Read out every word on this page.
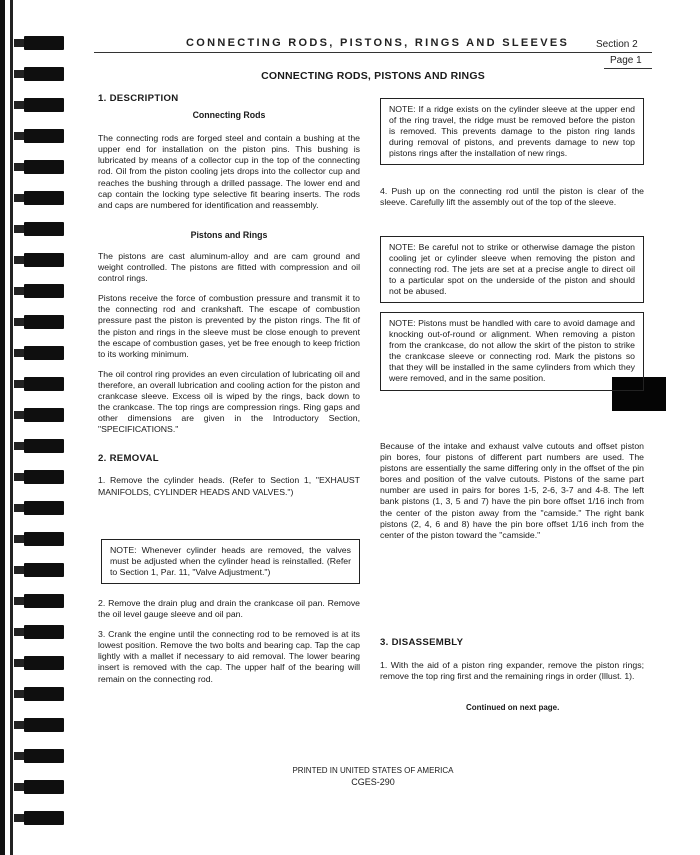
CONNECTING RODS, PISTONS, RINGS AND SLEEVES	Section 2
Page 1
CONNECTING RODS, PISTONS AND RINGS

1. DESCRIPTION

Connecting Rods

The connecting rods are forged steel and contain a bushing at the upper end for installation on the piston pins. This bushing is lubricated by means of a collector cup in the top of the connecting rod. Oil from the piston cooling jets drops into the collector cup and reaches the bushing through a drilled passage. The lower end and cap contain the locking type selective fit bearing inserts. The rods and caps are numbered for identification and reassembly.

Pistons and Rings

The pistons are cast aluminum-alloy and are cam ground and weight controlled. The pistons are fitted with compression and oil control rings.

Pistons receive the force of combustion pressure and transmit it to the connecting rod and crankshaft. The escape of combustion pressure past the piston is prevented by the piston rings. The fit of the piston and rings in the sleeve must be close enough to prevent the escape of combustion gases, yet be free enough to keep friction to its working minimum.

The oil control ring provides an even circulation of lubricating oil and therefore, an overall lubrication and cooling action for the piston and crankcase sleeve. Excess oil is wiped by the rings, back down to the crankcase. The top rings are compression rings. Ring gaps and other dimensions are given in the Introductory Section, "SPECIFICATIONS."

2. REMOVAL

1. Remove the cylinder heads. (Refer to Section 1, "EXHAUST MANIFOLDS, CYLINDER HEADS AND VALVES.")

NOTE: Whenever cylinder heads are removed, the valves must be adjusted when the cylinder head is reinstalled. (Refer to Section 1, Par. 11, "Valve Adjustment.")

2. Remove the drain plug and drain the crankcase oil pan. Remove the oil level gauge sleeve and oil pan.

3. Crank the engine until the connecting rod to be removed is at its lowest position. Remove the two bolts and bearing cap. Tap the cap lightly with a mallet if necessary to aid removal. The lower bearing insert is removed with the cap. The upper half of the bearing will remain on the connecting rod.

NOTE: If a ridge exists on the cylinder sleeve at the upper end of the ring travel, the ridge must be removed before the piston is removed. This prevents damage to the piston ring lands during removal of pistons, and prevents damage to new top pistons rings after the installation of new rings.
4. Push up on the connecting rod until the piston is clear of the sleeve. Carefully lift the assembly out of the top of the sleeve.
NOTE: Be careful not to strike or otherwise damage the piston cooling jet or cylinder sleeve when removing the piston and connecting rod. The jets are set at a precise angle to direct oil to a particular spot on the underside of the piston and should not be abused.
NOTE: Pistons must be handled with care to avoid damage and knocking out-of-round or alignment. When removing a piston from the crankcase, do not allow the skirt of the piston to strike the crankcase sleeve or connecting rod. Mark the pistons so that they will be installed in the same cylinders from which they were removed, and in the same position.
Because of the intake and exhaust valve cutouts and offset piston pin bores, four pistons of different part numbers are used. The pistons are essentially the same differing only in the offset of the pin bores and position of the valve cutouts. Pistons of the same part number are used in pairs for bores 1-5, 2-6, 3-7 and 4-8. The left bank pistons (1, 3, 5 and 7) have the pin bore offset 1/16 inch from the center of the piston away from the "camside." The right bank pistons (2, 4, 6 and 8) have the pin bore offset 1/16 inch from the center of the piston toward the "camside."

3. DISASSEMBLY

1. With the aid of a piston ring expander, remove the piston rings; remove the top ring first and the remaining rings in order (Illust. 1).

Continued on next page.
PRINTED IN UNITED STATES OF AMERICA
CGES-290
